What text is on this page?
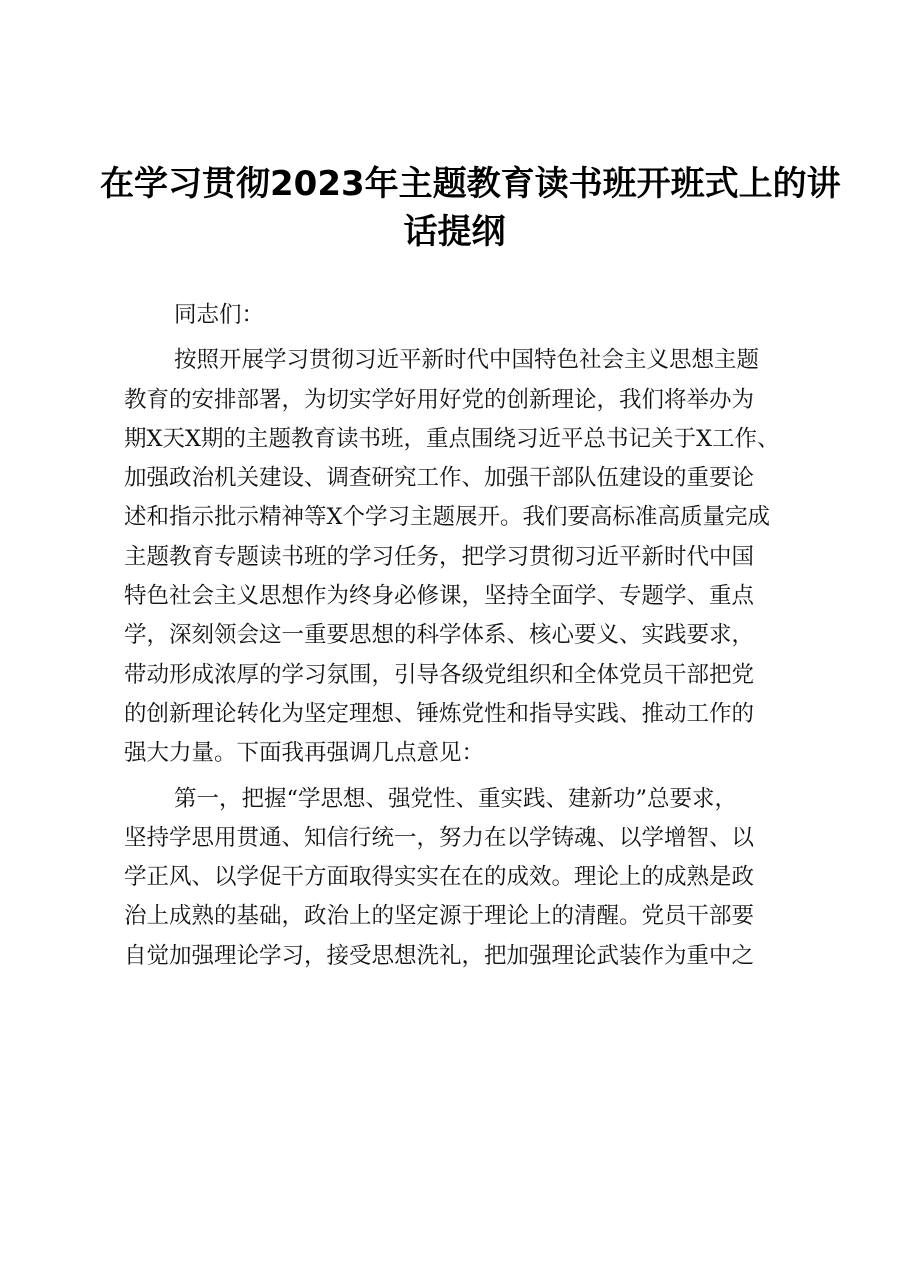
在学习贯彻2023年主题教育读书班开班式上的讲
话提纲
同志们：
按照开展学习贯彻习近平新时代中国特色社会主义思想主题
教育的安排部署，为切实学好用好党的创新理论，我们将举办为
期X天X期的主题教育读书班，重点围绕习近平总书记关于X工作、
加强政治机关建设、调查研究工作、加强干部队伍建设的重要论
述和指示批示精神等X个学习主题展开。我们要高标准高质量完成
主题教育专题读书班的学习任务，把学习贯彻习近平新时代中国
特色社会主义思想作为终身必修课，坚持全面学、专题学、重点
学，深刻领会这一重要思想的科学体系、核心要义、实践要求，
带动形成浓厚的学习氛围，引导各级党组织和全体党员干部把党
的创新理论转化为坚定理想、锤炼党性和指导实践、推动工作的
强大力量。下面我再强调几点意见：
第一，把握“学思想、强党性、重实践、建新功”总要求，
坚持学思用贯通、知信行统一，努力在以学铸魂、以学增智、以
学正风、以学促干方面取得实实在在的成效。理论上的成熟是政
治上成熟的基础，政治上的坚定源于理论上的清醒。党员干部要
自觉加强理论学习，接受思想洗礼，把加强理论武装作为重中之
